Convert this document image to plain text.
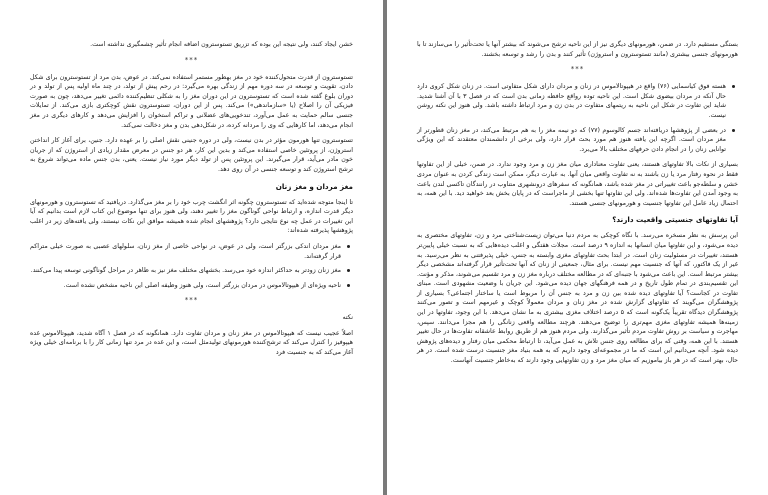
خشن ایجاد کنند، ولی نتیجه این بوده که تزریق تستوسترون اضافه انجام تأثیر چشمگیری نداشته است.

***

تستوسترون از قدرت متحول‌کننده خود در مغز بهطور مستمر استفاده نمی‌کند. در عوض، بدن مرد از تستوسترون برای شکل دادن، تقویت و توسعه در سه دوره مهم از زندگی بهره می‌گیرد: در رحم پیش از تولد، در چند ماه اولیه پس از تولد و در دوران بلوغ گفته شده است که تستوسترون در این دوران مغز را به شکلی تنظیم‌کننده دائمی تغییر می‌دهد، چون به صورت فیزیکی آن را اصلاح (یا «سازماندهی») می‌کند. پس از این دوران، تستوسترون نقش کوچکتری بازی می‌کند. از تمایلات جنسی سالم حمایت به عمل می‌آورد، تندخویی‌های عضلانی و تراکم استخوان را افزایش می‌دهد و کارهای دیگری در مغز انجام می‌دهد، اما کارهایی که وی را مردانه کرده، در شکل‌دهی بدن و مغز دخالت نمی‌کند.

تستوسترون تنها هورمون مؤثر در بدن نیست، ولی در دوره جنینی نقش اصلی را بر عهده دارد. جنین، برای آغاز کار انداختن استروژن، از پروتئین خاصی استفاده می‌کند و بدین این کار، هر دو جنس در معرض مقدار زیادی از استروژن که از جریان خون مادر می‌آید، قرار می‌گیرند. این پروتئین پس از تولد دیگر مورد نیاز نیست. یعنی، بدن جنس ماده می‌تواند شروع به ترشح استروژن کند و توسعه جنسی در آن روی دهد.

مغز مردان و مغز زنان

تا اینجا متوجه شده‌اید که تستوسترون چگونه اثر انگشت چرب خود را بر مغز می‌گذارد. دریافتید که تستوسترون و هورمونهای دیگر قدرت اندازه، و ارتباط نواحی گوناگون مغز را تغییر دهند، ولی هنوز برای تنها موضوع این کتاب لازم است بدانیم که آیا این تغییرات در عمل چه نوع نتایجی دارد؟ پژوهشهای انجام شده همیشه موافق این نکات نیستند، ولی یافته‌های زیر در اغلب پژوهشها پذیرفته شده‌اند:

مغز مردان اندکی بزرگتر است، ولی در عوض، در نواحی خاصی از مغز زنان، سلولهای عصبی به صورت خیلی متراکم قرار گرفته‌اند.
مغز زنان زودتر به حداکثر اندازه خود می‌رسد. بخشهای مختلف مغز نیز به ظاهر در مراحل گوناگونی توسعه پیدا می‌کنند.
ناحیه ویژه‌ای از هیپوتالاموس در مردان بزرگتر است، ولی هنوز وظیفه اصلی این ناحیه مشخص نشده است.
***

نکته

اصلاً عجیب نیست که هیپوتالاموس در مغز زنان و مردان تفاوت دارد. همانگونه که در فصل ۱ آگاه شدید، هیپوتالاموس غده هیپوفیز را کنترل می‌کند که ترشح‌کننده هورمونهای تولیدمثل است، و این غده در مرد تنها زمانی کار را با برنامه‌ای خیلی ویژه آغاز می‌کند که به جنسیت فرد

بستگی مستقیم دارد. در ضمن، هورمونهای دیگری نیز از این ناحیه ترشح می‌شوند که بیشتر آنها یا تحت‌تأثیر را می‌سازند تا با هورمونهای جنسی بیشتری (مانند تستوسترون و استروژن) تأثیر کنند و بدن را رشد و توسعه بخشند.

***
هسته فوق کیاسمایی (۷۶) واقع در هیپوتالاموس در زنان و مردان دارای شکل متفاوتی است. در زنان شکل کروی دارد حال آنکه در مردان بیضوی شکل است. این ناحیه توده رواقع حافظه زمانی بدن است که در فصل ۳ با آن آشنا شدید. شاید این تفاوت در شکل این ناحیه به ریتمهای متفاوت در بدن زن و مرد ارتباط داشته باشد. ولی هنوز این نکته روشن نیست.
در بعضی از پژوهشها دریافته‌اند جسم کالوسوم (۷۷) که دو نیمه مغز را به هم مرتبط می‌کند، در مغز زنان قطورتر از مغز مردان است. اگرچه این یافته هنوز هم مورد بحث قرار دارد، ولی برخی از دانشمندان معتقدند که این ویژگی توانایی زنان را در انجام دادن حرفهای مختلف بالا می‌برد.

بسیاری از نکات بالا تفاوتهای هستند، یعنی تفاوت معناداری میان مغز زن و مرد وجود ندارد. در ضمن، خیلی از این تفاوتها فقط در نحوه رفتار مرد یا زن باشند به نه تفاوت واقعی میان آنها. به عبارت دیگر، ممکن است زندگی کردن به عنوان مردی خشن و سلطه‌جو باعث تغییراتی در مغز شده باشد، همانگونه که سفرهای درونشهری متناوب در رانندگان تاکسی لندن باعث به وجود آمدن این تفاوت‌ها شده‌اند. ولی این تفاوتها تنها بخشی از ماجراست که در پایان بخش بعد خواهید دید. با این همه، به احتمال زیاد عامل این تفاوتها جنسیت و هورمونهای جنسی هستند.

آیا تفاوتهای جنسیتی واقعیت دارند؟

این پرسش به نظر مسخره می‌رسد. با نگاه کوچکی به مردم دنیا می‌توان زیست‌شناختی مرد و زن، تفاوتهای مختصری به دیده می‌شود، و این تفاوتها میان انسانها به اندازه ۹ درصد است. مجلات هفتگی و اغلب دیده‌هایی که به نسبت خیلی پایین‌تر هستند، تغییرات در مسئولیت زنان است. در ابتدا بحث تفاوتهای مغزی وابسته به جنس، خیلی پذیرفتنی به نظر می‌رسید. به غیر از یک فاکتور، که آنها که جنسیت مهم نیست. برای مثال، جمعیتی از زنان که آنها تحت‌تأثیر قرار گرفته‌اند مشخصی دیگر بیشتر مرتبط است. این باعث می‌شود با جنبه‌ای که در مطالعه مختلف درباره مغز زن و مرد تقسیم می‌شوند، مذکر و مؤنث. این تقسیم‌بندی در تمام طول تاریخ و در همه فرهنگهای جهان دیده می‌شود. این جریان با وضعیت مشهودی است. مبنای تفاوت در کجاست؟ آیا تفاوتهای دیده شده بین زن و مرد به جنس آن را مربوط است یا ساختار اجتماعی؟ بسیاری از پژوهشگران می‌گویند که تفاوتهای گزارش شده در مغز زنان و مردان معمولاً کوچک و غیرمهم است و تصور می‌کنند پژوهشگران دیدگاه تقریباً یک‌گونه است که ۵ درصد اختلاف مغزی بیشتری به ما نشان می‌دهد. با این وجود، تفاوتها در این زمینه‌ها همیشه تفاوتهای مغزی مهم‌تری را توضیح می‌دهند. هرچند مطالعه واقعی زنانگی را هم مجزا می‌دانند. سپس، مهاجرت و سیاست بر روش تفاوت مردم تأثیر می‌گذارند. ولی مردم هنوز هم از طریق روابط عاشقانه تفاوت‌ها در حال تغییر هستند. با این همه، وقتی که برای مطالعه روی جنس تلاش به عمل می‌آید، تا ارتباط محکمی میان رفتار و دیده‌های پژوهش دیده شود. آنچه می‌دانیم این است که ما در مجموعه‌ای وجود داریم که به همه بنیاد مغز جنسیت درست شده است. در هر حال، بهتر است که در هر باز بیاموزیم که میان مغز مرد و زن تفاوتهایی وجود دارند که به‌خاطر جنسیت آنهاست.
